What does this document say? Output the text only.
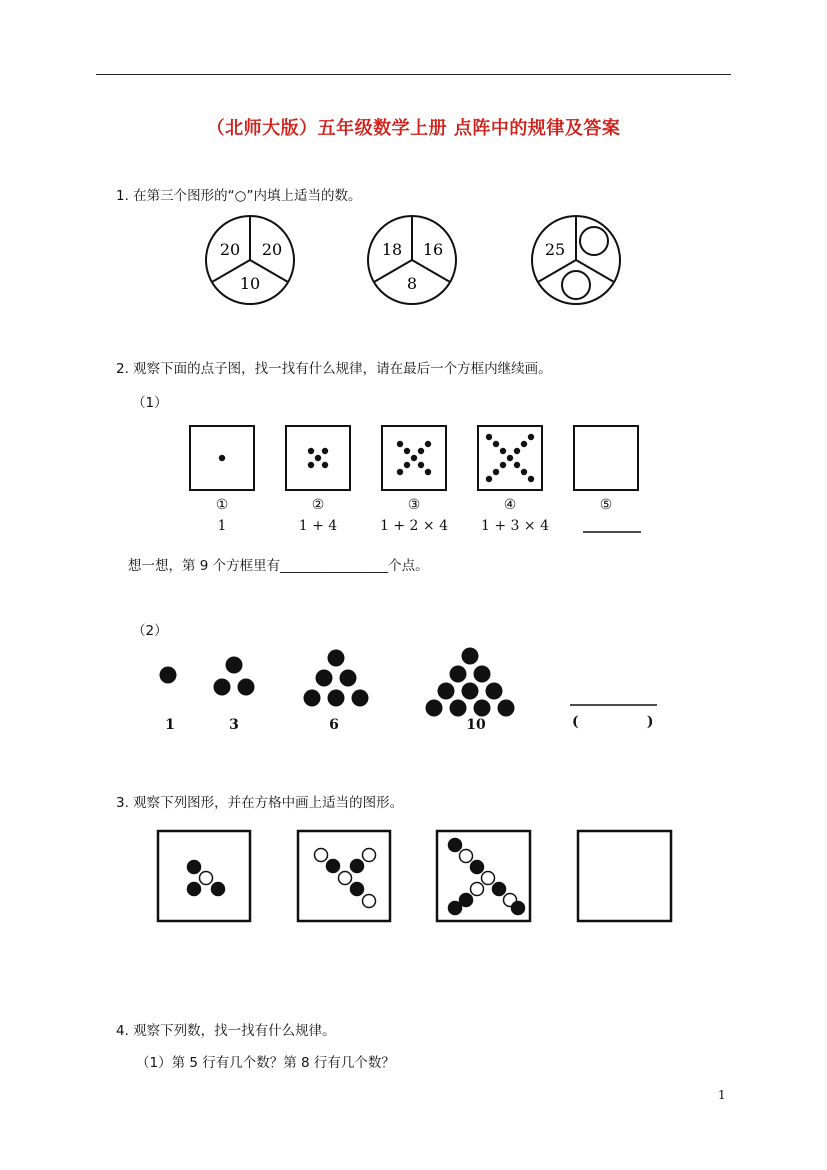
（北师大版）五年级数学上册 点阵中的规律及答案
1. 在第三个图形的“○”内填上适当的数。
20 20
10
18 16
8
25
2. 观察下面的点子图，找一找有什么规律，请在最后一个方框内继续画。
（1）
①	②	③	④	⑤
1	1 + 4	1 + 2 × 4	1 + 3 × 4
想一想，第 9 个方框里有________________个点。
（2）
1	3	6	10	(              )
3. 观察下列图形，并在方格中画上适当的图形。
4. 观察下列数，找一找有什么规律。
（1）第 5 行有几个数？第 8 行有几个数？
1
